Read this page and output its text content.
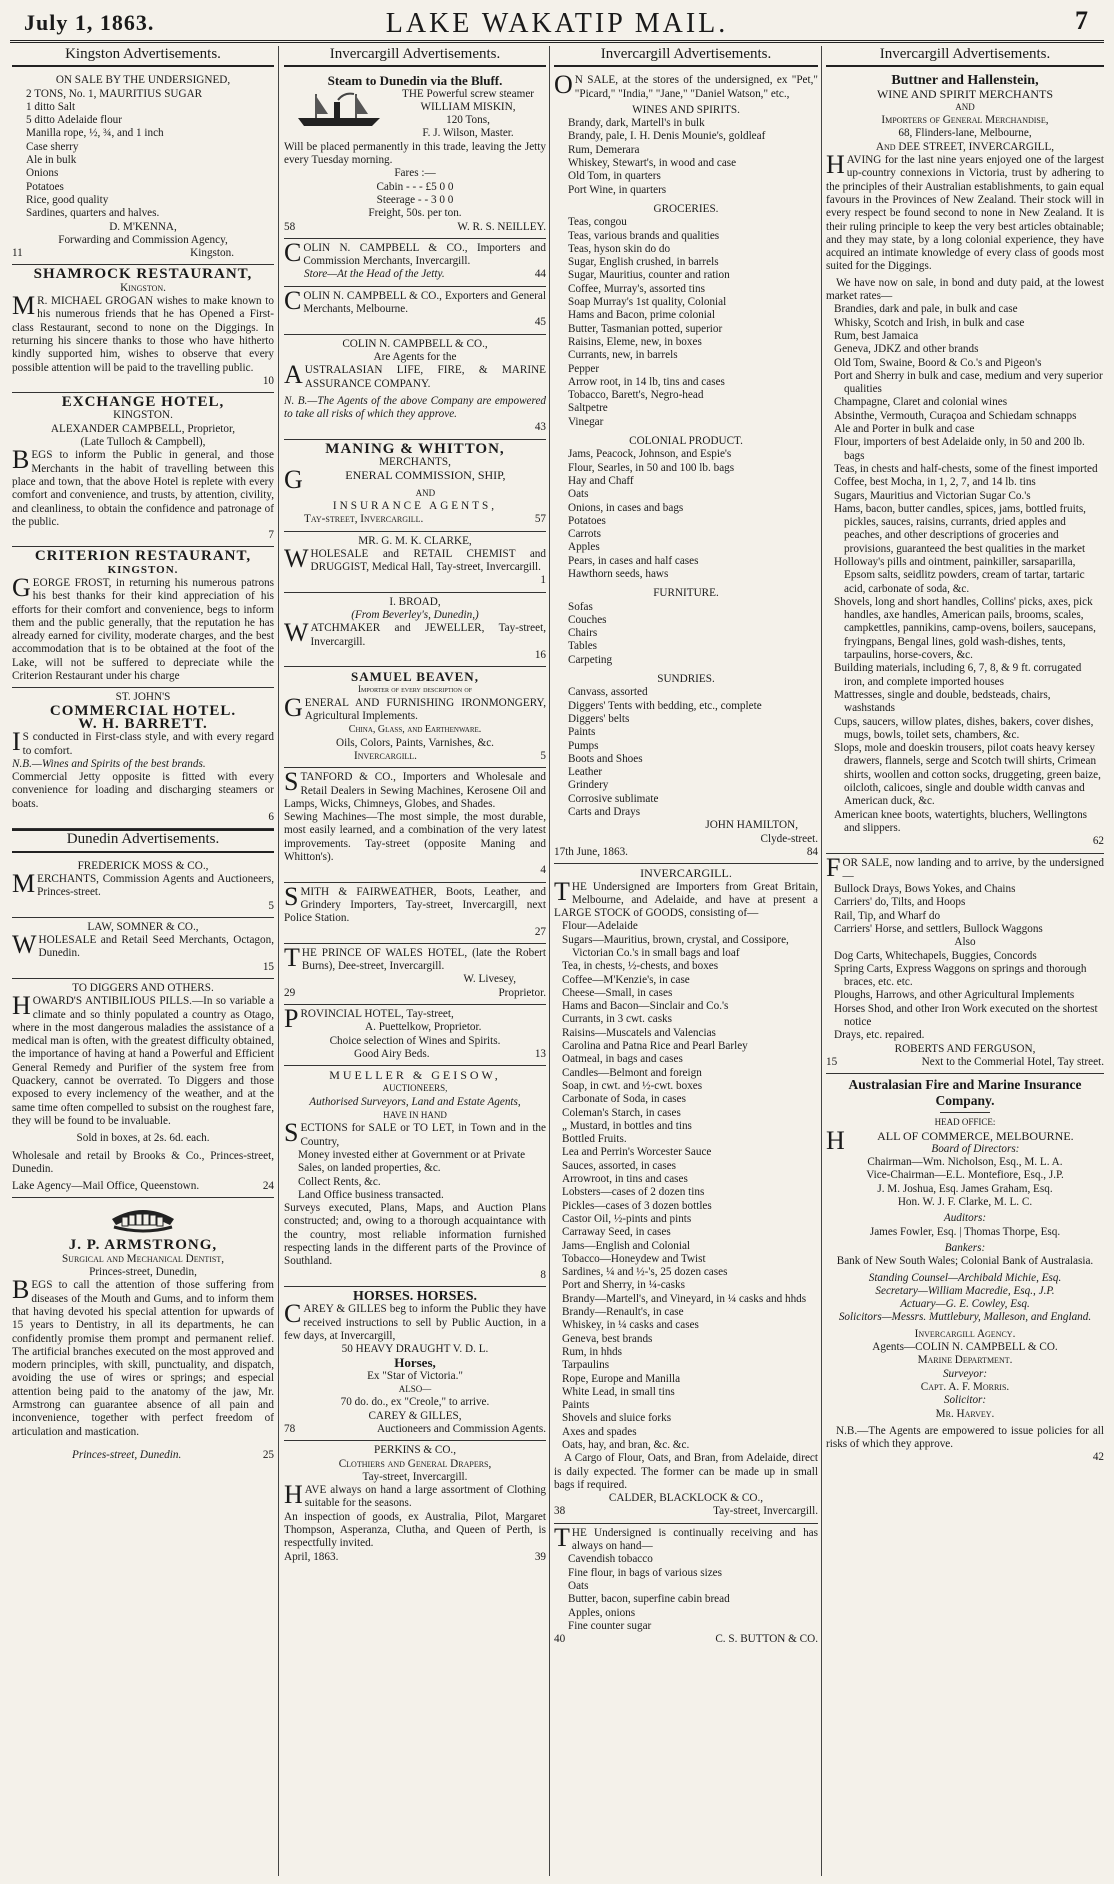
July 1, 1863.	LAKE WAKATIP MAIL.	7
Kingston Advertisements.
ON SALE BY THE UNDERSIGNED,
2 TONS, No. 1, MAURITIUS SUGAR
1 ditto Salt
5 ditto Adelaide flour
Manilla rope, ½, ¾, and 1 inch
Case sherry
Ale in bulk
Onions
Potatoes
Rice, good quality
Sardines, quarters and halves.
D. M'KENNA,
Forwarding and Commission Agency,
11	Kingston.
SHAMROCK RESTAURANT,
Kingston.

MR. MICHAEL GROGAN wishes to make known to his numerous friends that he has Opened a First-class Restaurant, second to none on the Diggings. In returning his sincere thanks to those who have hitherto kindly supported him, wishes to observe that every possible attention will be paid to the travelling public.

10
EXCHANGE HOTEL,
KINGSTON.
ALEXANDER CAMPBELL, Proprietor,
(Late Tulloch & Campbell),

BEGS to inform the Public in general, and those Merchants in the habit of travelling between this place and town, that the above Hotel is replete with every comfort and convenience, and trusts, by attention, civility, and cleanliness, to obtain the confidence and patronage of the public.

7
CRITERION RESTAURANT,
KINGSTON.

GEORGE FROST, in returning his numerous patrons his best thanks for their kind appreciation of his efforts for their comfort and convenience, begs to inform them and the public generally, that the reputation he has already earned for civility, moderate charges, and the best accommodation that is to be obtained at the foot of the Lake, will not be suffered to depreciate while the Criterion Restaurant under his charge

ST. JOHN'S
COMMERCIAL HOTEL.
W. H. BARRETT.

IS conducted in First-class style, and with every regard to comfort.

N.B.—Wines and Spirits of the best brands.

Commercial Jetty opposite is fitted with every convenience for loading and discharging steamers or boats.

6
Dunedin Advertisements.
FREDERICK MOSS & CO.,

MERCHANTS, Commission Agents and Auctioneers, Princes-street.

5
LAW, SOMNER & CO.,

WHOLESALE and Retail Seed Merchants, Octagon, Dunedin.

15
TO DIGGERS AND OTHERS.

HOWARD'S ANTIBILIOUS PILLS.—In so variable a climate and so thinly populated a country as Otago, where in the most dangerous maladies the assistance of a medical man is often, with the greatest difficulty obtained, the importance of having at hand a Powerful and Efficient General Remedy and Purifier of the system free from Quackery, cannot be overrated. To Diggers and those exposed to every inclemency of the weather, and at the same time often compelled to subsist on the roughest fare, they will be found to be invaluable.

Sold in boxes, at 2s. 6d. each.

Wholesale and retail by Brooks & Co., Princes-street, Dunedin.

Lake Agency—Mail Office, Queenstown.	24
J. P. ARMSTRONG,
Surgical and Mechanical Dentist,
Princes-street, Dunedin,

BEGS to call the attention of those suffering from diseases of the Mouth and Gums, and to inform them that having devoted his special attention for upwards of 15 years to Dentistry, in all its departments, he can confidently promise them prompt and permanent relief. The artificial branches executed on the most approved and modern principles, with skill, punctuality, and dispatch, avoiding the use of wires or springs; and especial attention being paid to the anatomy of the jaw, Mr. Armstrong can guarantee absence of all pain and inconvenience, together with perfect freedom of articulation and mastication.

Princes-street, Dunedin.	25
Invercargill Advertisements.
Steam to Dunedin via the Bluff.
THE Powerful screw steamer
WILLIAM MISKIN,
120 Tons,
F. J. Wilson, Master.

Will be placed permanently in this trade, leaving the Jetty every Tuesday morning.

Fares :—
Cabin - - - £5 0 0
Steerage - - 3 0 0
Freight, 50s. per ton.
58	W. R. S. NEILLEY.

COLIN N. CAMPBELL & CO., Importers and Commission Merchants, Invercargill.

Store—At the Head of the Jetty.	44

COLIN N. CAMPBELL & CO., Exporters and General Merchants, Melbourne.

45
COLIN N. CAMPBELL & CO.,
Are Agents for the

AUSTRALASIAN LIFE, FIRE, & MARINE ASSURANCE COMPANY.

N. B.—The Agents of the above Company are empowered to take all risks of which they approve.

43
MANING & WHITTON,
MERCHANTS,
GENERAL COMMISSION, SHIP,
AND
INSURANCE AGENTS,
Tay-street, Invercargill.	57
MR. G. M. K. CLARKE,

WHOLESALE and RETAIL CHEMIST and DRUGGIST, Medical Hall, Tay-street, Invercargill.

1
I. BROAD,
(From Beverley's, Dunedin,)

WATCHMAKER and JEWELLER, Tay-street, Invercargill.

16
SAMUEL BEAVEN,
Importer of every description of

GENERAL AND FURNISHING IRONMONGERY, Agricultural Implements.

China, Glass, and Earthenware.
Oils, Colors, Paints, Varnishes, &c.
Invercargill.	5

STANFORD & CO., Importers and Wholesale and Retail Dealers in Sewing Machines, Kerosene Oil and Lamps, Wicks, Chimneys, Globes, and Shades.

Sewing Machines—The most simple, the most durable, most easily learned, and a combination of the very latest improvements. Tay-street (opposite Maning and Whitton's).

4

SMITH & FAIRWEATHER, Boots, Leather, and Grindery Importers, Tay-street, Invercargill, next Police Station.

27

THE PRINCE OF WALES HOTEL, (late the Robert Burns), Dee-street, Invercargill.

W. Livesey,
29	Proprietor.

PROVINCIAL HOTEL, Tay-street,

A. Puettelkow, Proprietor.
Choice selection of Wines and Spirits.
Good Airy Beds.	13
MUELLER & GEISOW,
AUCTIONEERS,
Authorised Surveyors, Land and Estate Agents,
HAVE IN HAND

SECTIONS for SALE or TO LET, in Town and in the Country,

Money invested either at Government or at Private Sales, on landed properties, &c.
Collect Rents, &c.
Land Office business transacted.

Surveys executed, Plans, Maps, and Auction Plans constructed; and, owing to a thorough acquaintance with the country, most reliable information furnished respecting lands in the different parts of the Province of Southland.

8
HORSES. HORSES.

CAREY & GILLES beg to inform the Public they have received instructions to sell by Public Auction, in a few days, at Invercargill,

50 HEAVY DRAUGHT V. D. L.
Horses,
Ex "Star of Victoria."
ALSO—
70 do. do., ex "Creole," to arrive.
CAREY & GILLES,
78	Auctioneers and Commission Agents.
PERKINS & CO.,
Clothiers and General Drapers,
Tay-street, Invercargill.

HAVE always on hand a large assortment of Clothing suitable for the seasons.

An inspection of goods, ex Australia, Pilot, Margaret Thompson, Asperanza, Clutha, and Queen of Perth, is respectfully invited.

April, 1863.	39
Invercargill Advertisements.

ON SALE, at the stores of the undersigned, ex "Pet," "Picard," "India," "Jane," "Daniel Watson," etc.,

WINES AND SPIRITS.
Brandy, dark, Martell's in bulk
Brandy, pale, I. H. Denis Mounie's, goldleaf
Rum, Demerara
Whiskey, Stewart's, in wood and case
Old Tom, in quarters
Port Wine, in quarters
GROCERIES.
Teas, congou
Teas, various brands and qualities
Teas, hyson skin do do
Sugar, English crushed, in barrels
Sugar, Mauritius, counter and ration
Coffee, Murray's, assorted tins
Soap Murray's 1st quality, Colonial
Hams and Bacon, prime colonial
Butter, Tasmanian potted, superior
Raisins, Eleme, new, in boxes
Currants, new, in barrels
Pepper
Arrow root, in 14 lb, tins and cases
Tobacco, Barett's, Negro-head
Saltpetre
Vinegar
COLONIAL PRODUCT.
Jams, Peacock, Johnson, and Espie's
Flour, Searles, in 50 and 100 lb. bags
Hay and Chaff
Oats
Onions, in cases and bags
Potatoes
Carrots
Apples
Pears, in cases and half cases
Hawthorn seeds, haws
FURNITURE.
Sofas
Couches
Chairs
Tables
Carpeting
SUNDRIES.
Canvass, assorted
Diggers' Tents with bedding, etc., complete
Diggers' belts
Paints
Pumps
Boots and Shoes
Leather
Grindery
Corrosive sublimate
Carts and Drays
JOHN HAMILTON,
Clyde-street.
17th June, 1863.	84
INVERCARGILL.

THE Undersigned are Importers from Great Britain, Melbourne, and Adelaide, and have at present a LARGE STOCK of GOODS, consisting of—

Flour—Adelaide
Sugars—Mauritius, brown, crystal, and Cossipore, Victorian Co.'s in small bags and loaf
Tea, in chests, ½-chests, and boxes
Coffee—M'Kenzie's, in case
Cheese—Small, in cases
Hams and Bacon—Sinclair and Co.'s
Currants, in 3 cwt. casks
Raisins—Muscatels and Valencias
Carolina and Patna Rice and Pearl Barley
Oatmeal, in bags and cases
Candles—Belmont and foreign
Soap, in cwt. and ½-cwt. boxes
Carbonate of Soda, in cases
Coleman's Starch, in cases
„ Mustard, in bottles and tins
Bottled Fruits.
Lea and Perrin's Worcester Sauce
Sauces, assorted, in cases
Arrowroot, in tins and cases
Lobsters—cases of 2 dozen tins
Pickles—cases of 3 dozen bottles
Castor Oil, ½-pints and pints
Carraway Seed, in cases
Jams—English and Colonial
Tobacco—Honeydew and Twist
Sardines, ¼ and ½-'s, 25 dozen cases
Port and Sherry, in ¼-casks
Brandy—Martell's, and Vineyard, in ¼ casks and hhds
Brandy—Renault's, in case
Whiskey, in ¼ casks and cases
Geneva, best brands
Rum, in hhds
Tarpaulins
Rope, Europe and Manilla
White Lead, in small tins
Paints
Shovels and sluice forks
Axes and spades
Oats, hay, and bran, &c. &c.

A Cargo of Flour, Oats, and Bran, from Adelaide, direct is daily expected. The former can be made up in small bags if required.

CALDER, BLACKLOCK & CO.,
38	Tay-street, Invercargill.

THE Undersigned is continually receiving and has always on hand—

Cavendish tobacco
Fine flour, in bags of various sizes
Oats
Butter, bacon, superfine cabin bread
Apples, onions
Fine counter sugar
40	C. S. BUTTON & CO.
Invercargill Advertisements.
Buttner and Hallenstein,
WINE AND SPIRIT MERCHANTS
AND
Importers of General Merchandise,
68, Flinders-lane, Melbourne,
And DEE STREET, INVERCARGILL,

HAVING for the last nine years enjoyed one of the largest up-country connexions in Victoria, trust by adhering to the principles of their Australian establishments, to gain equal favours in the Provinces of New Zealand. Their stock will in every respect be found second to none in New Zealand. It is their ruling principle to keep the very best articles obtainable; and they may state, by a long colonial experience, they have acquired an intimate knowledge of every class of goods most suited for the Diggings.

We have now on sale, in bond and duty paid, at the lowest market rates—

Brandies, dark and pale, in bulk and case
Whisky, Scotch and Irish, in bulk and case
Rum, best Jamaica
Geneva, JDKZ and other brands
Old Tom, Swaine, Boord & Co.'s and Pigeon's
Port and Sherry in bulk and case, medium and very superior qualities
Champagne, Claret and colonial wines
Absinthe, Vermouth, Curaçoa and Schiedam schnapps
Ale and Porter in bulk and case
Flour, importers of best Adelaide only, in 50 and 200 lb. bags
Teas, in chests and half-chests, some of the finest imported
Coffee, best Mocha, in 1, 2, 7, and 14 lb. tins
Sugars, Mauritius and Victorian Sugar Co.'s
Hams, bacon, butter candles, spices, jams, bottled fruits, pickles, sauces, raisins, currants, dried apples and peaches, and other descriptions of groceries and provisions, guaranteed the best qualities in the market
Holloway's pills and ointment, painkiller, sarsaparilla, Epsom salts, seidlitz powders, cream of tartar, tartaric acid, carbonate of soda, &c.
Shovels, long and short handles, Collins' picks, axes, pick handles, axe handles, American pails, brooms, scales, campkettles, pannikins, camp-ovens, boilers, saucepans, fryingpans, Bengal lines, gold wash-dishes, tents, tarpaulins, horse-covers, &c.
Building materials, including 6, 7, 8, & 9 ft. corrugated iron, and complete imported houses
Mattresses, single and double, bedsteads, chairs, washstands
Cups, saucers, willow plates, dishes, bakers, cover dishes, mugs, bowls, toilet sets, chambers, &c.
Slops, mole and doeskin trousers, pilot coats heavy kersey drawers, flannels, serge and Scotch twill shirts, Crimean shirts, woollen and cotton socks, druggeting, green baize, oilcloth, calicoes, single and double width canvas and American duck, &c.
American knee boots, watertights, bluchers, Wellingtons and slippers.
62

FOR SALE, now landing and to arrive, by the undersigned—

Bullock Drays, Bows Yokes, and Chains
Carriers' do, Tilts, and Hoops
Rail, Tip, and Wharf do
Carriers' Horse, and settlers, Bullock Waggons
Also
Dog Carts, Whitechapels, Buggies, Concords
Spring Carts, Express Waggons on springs and thorough braces, etc. etc.
Ploughs, Harrows, and other Agricultural Implements
Horses Shod, and other Iron Work executed on the shortest notice
Drays, etc. repaired.
ROBERTS AND FERGUSON,
15	Next to the Commerial Hotel, Tay street.
Australasian Fire and Marine Insurance Company.
HEAD OFFICE:
HALL OF COMMERCE, MELBOURNE.
Board of Directors:
Chairman—Wm. Nicholson, Esq., M. L. A.
Vice-Chairman—E.L. Montefiore, Esq., J.P.
J. M. Joshua, Esq. James Graham, Esq.
Hon. W. J. F. Clarke, M. L. C.
Auditors:
James Fowler, Esq. | Thomas Thorpe, Esq.
Bankers:
Bank of New South Wales; Colonial Bank of Australasia.
Standing Counsel—Archibald Michie, Esq.
Secretary—William Macredie, Esq., J.P.
Actuary—G. E. Cowley, Esq.
Solicitors—Messrs. Muttlebury, Malleson, and England.
Invercargill Agency.
Agents—COLIN N. CAMPBELL & CO.
Marine Department.
Surveyor:
Capt. A. F. Morris.
Solicitor:
Mr. Harvey.

N.B.—The Agents are empowered to issue policies for all risks of which they approve.

42
